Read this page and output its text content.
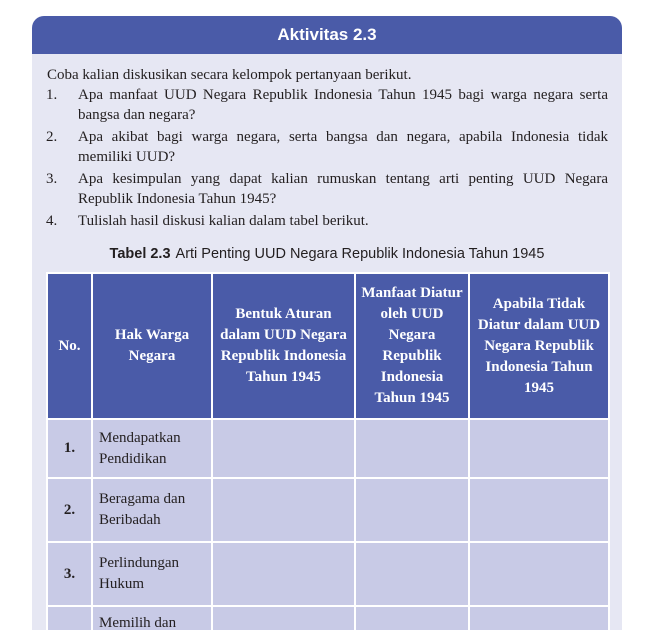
Aktivitas 2.3
Coba kalian diskusikan secara kelompok pertanyaan berikut.
1. Apa manfaat UUD Negara Republik Indonesia Tahun 1945 bagi warga negara serta bangsa dan negara?
2. Apa akibat bagi warga negara, serta bangsa dan negara, apabila Indonesia tidak memiliki UUD?
3. Apa kesimpulan yang dapat kalian rumuskan tentang arti penting UUD Negara Republik Indonesia Tahun 1945?
4. Tulislah hasil diskusi kalian dalam tabel berikut.
Tabel 2.3 Arti Penting UUD Negara Republik Indonesia Tahun 1945
No.	Hak Warga Negara	Bentuk Aturan dalam UUD Negara Republik Indonesia Tahun 1945	Manfaat Diatur oleh UUD Negara Republik Indonesia Tahun 1945	Apabila Tidak Diatur dalam UUD Negara Republik Indonesia Tahun 1945
1.	Mendapatkan Pendidikan			
2.	Beragama dan Beribadah			
3.	Perlindungan Hukum			
	Memilih dan			
